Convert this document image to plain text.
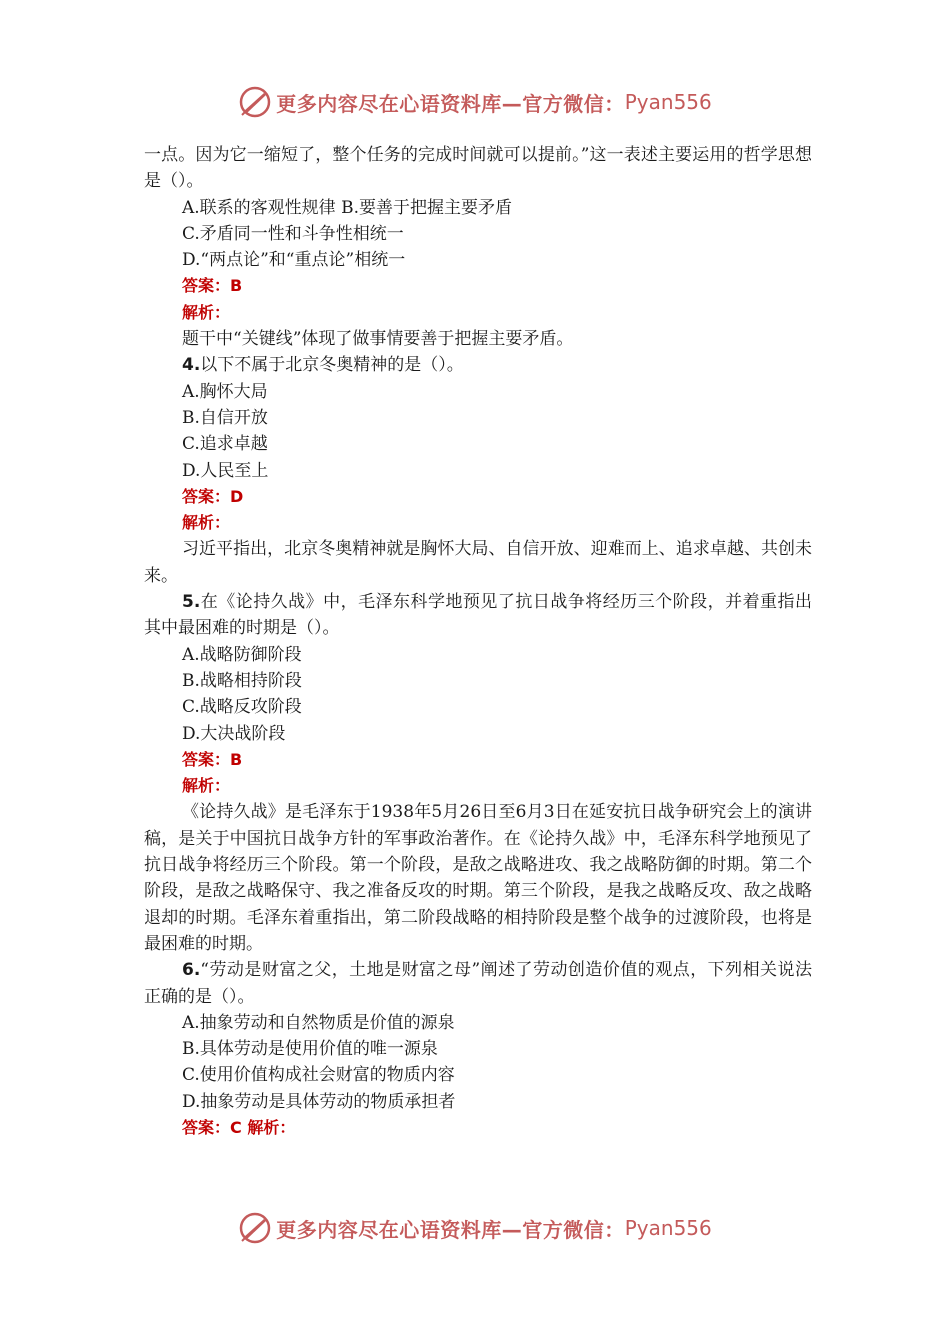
更多内容尽在心语资料库—官方微信： Pyan556
一点。因为它一缩短了，整个任务的完成时间就可以提前。”这一表述主要运用的哲学思想是（）。
A.联系的客观性规律 B.要善于把握主要矛盾
C.矛盾同一性和斗争性相统一
D.“两点论”和“重点论”相统一
答案：B
解析：
题干中“关键线”体现了做事情要善于把握主要矛盾。
4.以下不属于北京冬奥精神的是（）。
A.胸怀大局
B.自信开放
C.追求卓越
D.人民至上
答案：D
解析：
习近平指出，北京冬奥精神就是胸怀大局、自信开放、迎难而上、追求卓越、共创未来。
5.在《论持久战》中，毛泽东科学地预见了抗日战争将经历三个阶段，并着重指出其中最困难的时期是（）。
A.战略防御阶段
B.战略相持阶段
C.战略反攻阶段
D.大决战阶段
答案：B
解析：
《论持久战》是毛泽东于1938年5月26日至6月3日在延安抗日战争研究会上的演讲稿，是关于中国抗日战争方针的军事政治著作。在《论持久战》中，毛泽东科学地预见了抗日战争将经历三个阶段。第一个阶段，是敌之战略进攻、我之战略防御的时期。第二个阶段，是敌之战略保守、我之准备反攻的时期。第三个阶段，是我之战略反攻、敌之战略退却的时期。毛泽东着重指出，第二阶段战略的相持阶段是整个战争的过渡阶段，也将是最困难的时期。
6.“劳动是财富之父，土地是财富之母”阐述了劳动创造价值的观点，下列相关说法正确的是（）。
A.抽象劳动和自然物质是价值的源泉
B.具体劳动是使用价值的唯一源泉
C.使用价值构成社会财富的物质内容
D.抽象劳动是具体劳动的物质承担者
答案：C 解析：
更多内容尽在心语资料库—官方微信： Pyan556
